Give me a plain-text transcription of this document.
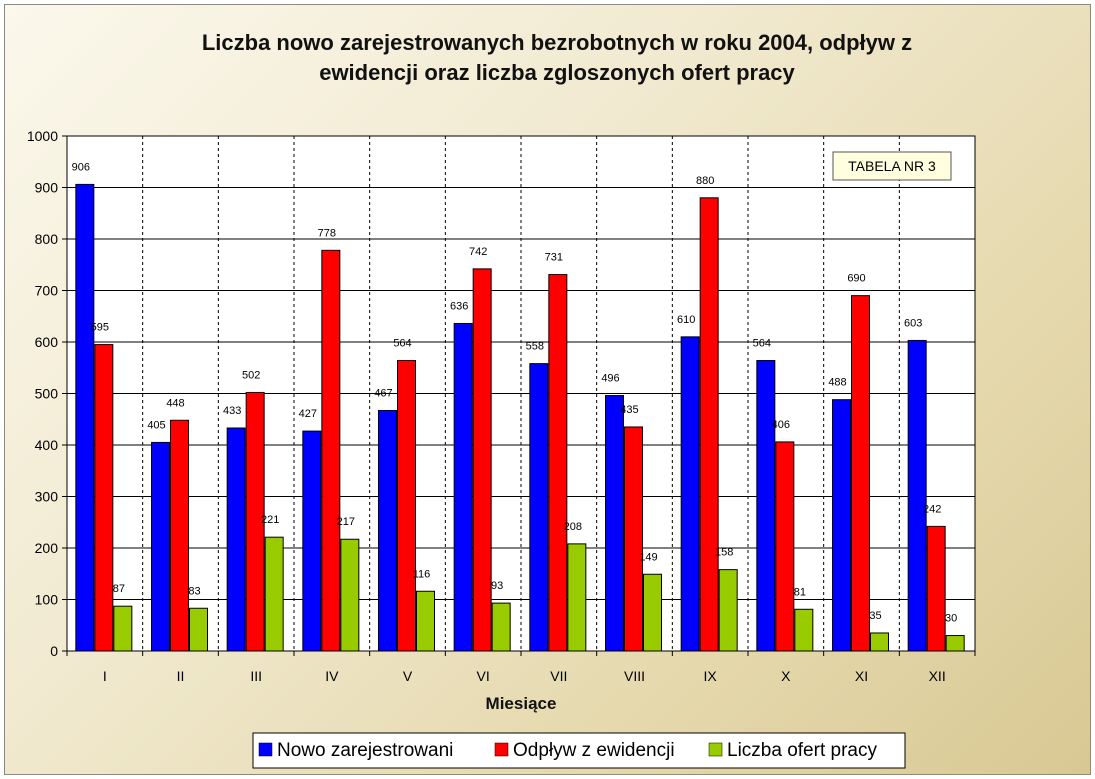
Liczba nowo zarejestrowanych bezrobotnych w roku 2004, odpływ z
ewidencji oraz liczba zgloszonych ofert pracy
906
405
433	427
467
636
558
496
610
564
488
603
595
448
502
778
564
742	731
435
880
406
690
242
87	83
221	217
116
93
208
149	158
81
35	30
0
100
200
300
400
500
600
700
800
900
1000
I	II	III	IV	V	VI	VII	VIII	IX	X	XI	XII
Miesiące
TABELA NR 3
Nowo zarejestrowani	Odpływ z ewidencji	Liczba ofert pracy
